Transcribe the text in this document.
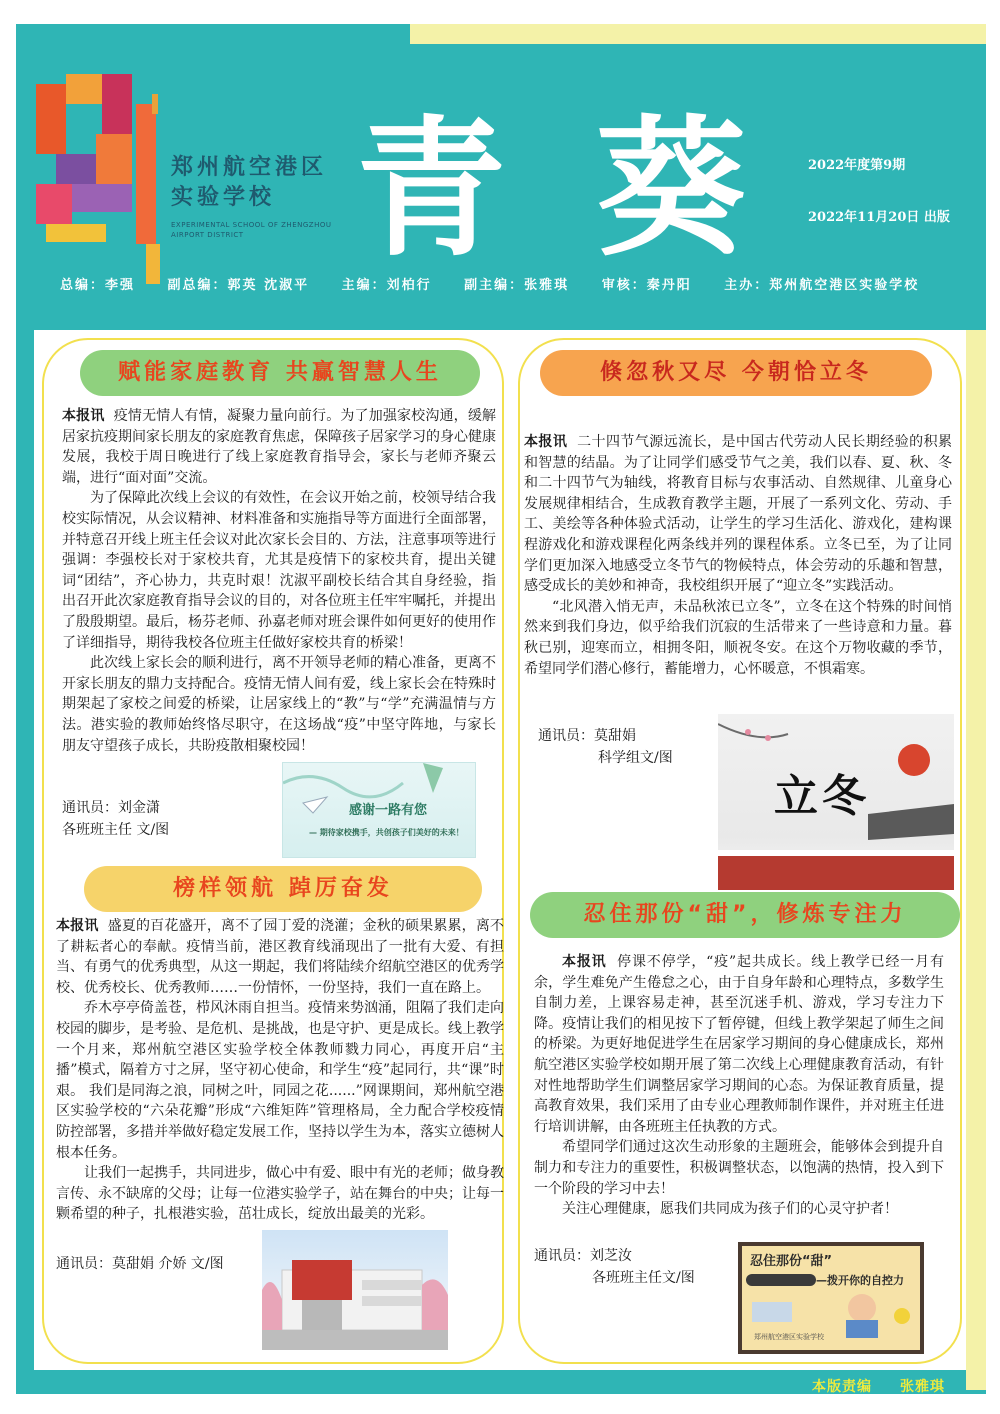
郑州航空港区实验学校
EXPERIMENTAL SCHOOL OF ZHENGZHOU AIRPORT DISTRICT 青 葵	2022年度第9期
2022年11月20日 出版
总编：李强	副总编：郭英 沈淑平	主编：刘柏行	副主编：张雅琪	审核：秦丹阳	主办：郑州航空港区实验学校
赋能家庭教育 共赢智慧人生

本报讯 疫情无情人有情，凝聚力量向前行。为了加强家校沟通，缓解居家抗疫期间家长朋友的家庭教育焦虑，保障孩子居家学习的身心健康发展，我校于周日晚进行了线上家庭教育指导会，家长与老师齐聚云端，进行“面对面”交流。

为了保障此次线上会议的有效性，在会议开始之前，校领导结合我校实际情况，从会议精神、材料准备和实施指导等方面进行全面部署，并特意召开线上班主任会议对此次家长会目的、方法，注意事项等进行强调：李强校长对于家校共育，尤其是疫情下的家校共育，提出关键词“团结”，齐心协力，共克时艰！沈淑平副校长结合其自身经验，指出召开此次家庭教育指导会议的目的，对各位班主任牢牢嘱托，并提出了殷殷期望。最后，杨芬老师、孙嘉老师对班会课件如何更好的使用作了详细指导，期待我校各位班主任做好家校共育的桥梁！

此次线上家长会的顺利进行，离不开领导老师的精心准备，更离不开家长朋友的鼎力支持配合。疫情无情人间有爱，线上家长会在特殊时期架起了家校之间爱的桥梁，让居家线上的“教”与“学”充满温情与方法。港实验的教师始终恪尽职守，在这场战“疫”中坚守阵地，与家长朋友守望孩子成长，共盼疫散相聚校园！

通讯员：刘金潇
各班班主任 文/图
感谢一路有您
— 期待家校携手，共创孩子们美好的未来！
榜样领航 踔厉奋发

本报讯 盛夏的百花盛开，离不了园丁爱的浇灌；金秋的硕果累累，离不了耕耘者心的奉献。疫情当前，港区教育线涌现出了一批有大爱、有担当、有勇气的优秀典型，从这一期起，我们将陆续介绍航空港区的优秀学校、优秀校长、优秀教师……一份情怀，一份坚持，我们一直在路上。

乔木亭亭倚盖苍，栉风沐雨自担当。疫情来势汹涌，阻隔了我们走向校园的脚步，是考验、是危机、是挑战，也是守护、更是成长。线上教学一个月来，郑州航空港区实验学校全体教师戮力同心，再度开启“主播”模式，隔着方寸之屏，坚守初心使命，和学生“疫”起同行，共“课”时艰。 我们是同海之浪，同树之叶，同园之花......”网课期间，郑州航空港区实验学校的“六朵花瓣”形成“六维矩阵”管理格局，全力配合学校疫情防控部署，多措并举做好稳定发展工作，坚持以学生为本，落实立德树人根本任务。

让我们一起携手，共同进步，做心中有爱、眼中有光的老师；做身教言传、永不缺席的父母；让每一位港实验学子，站在舞台的中央；让每一颗希望的种子，扎根港实验，茁壮成长，绽放出最美的光彩。

通讯员：莫甜娟 介娇 文/图
倏忽秋又尽 今朝恰立冬

本报讯 二十四节气源远流长，是中国古代劳动人民长期经验的积累和智慧的结晶。为了让同学们感受节气之美，我们以春、夏、秋、冬和二十四节气为轴线，将教育目标与农事活动、自然规律、儿童身心发展规律相结合，生成教育教学主题，开展了一系列文化、劳动、手工、美绘等各种体验式活动，让学生的学习生活化、游戏化，建构课程游戏化和游戏课程化两条线并列的课程体系。立冬已至，为了让同学们更加深入地感受立冬节气的物候特点，体会劳动的乐趣和智慧，感受成长的美妙和神奇，我校组织开展了“迎立冬”实践活动。

“北风潜入悄无声，未品秋浓已立冬”，立冬在这个特殊的时间悄然来到我们身边，似乎给我们沉寂的生活带来了一些诗意和力量。暮秋已别，迎寒而立，相拥冬阳，顺祝冬安。在这个万物收藏的季节，希望同学们潜心修行，蓄能增力，心怀暖意，不惧霜寒。

通讯员：莫甜娟
科学组文/图
立冬
忍住那份“甜”，修炼专注力

本报讯 停课不停学，“疫”起共成长。线上教学已经一月有余，学生难免产生倦怠之心，由于自身年龄和心理特点，多数学生自制力差，上课容易走神，甚至沉迷手机、游戏，学习专注力下降。疫情让我们的相见按下了暂停键，但线上教学架起了师生之间的桥梁。为更好地促进学生在居家学习期间的身心健康成长，郑州航空港区实验学校如期开展了第二次线上心理健康教育活动，有针对性地帮助学生们调整居家学习期间的心态。为保证教育质量，提高教育效果，我们采用了由专业心理教师制作课件，并对班主任进行培训讲解，由各班班主任执教的方式。

希望同学们通过这次生动形象的主题班会，能够体会到提升自制力和专注力的重要性，积极调整状态，以饱满的热情，投入到下一个阶段的学习中去！

关注心理健康，愿我们共同成为孩子们的心灵守护者！

通讯员：刘芝汝
各班班主任文/图
忍住那份“甜”
—拨开你的自控力
郑州航空港区实验学校
本版责编 张雅琪
